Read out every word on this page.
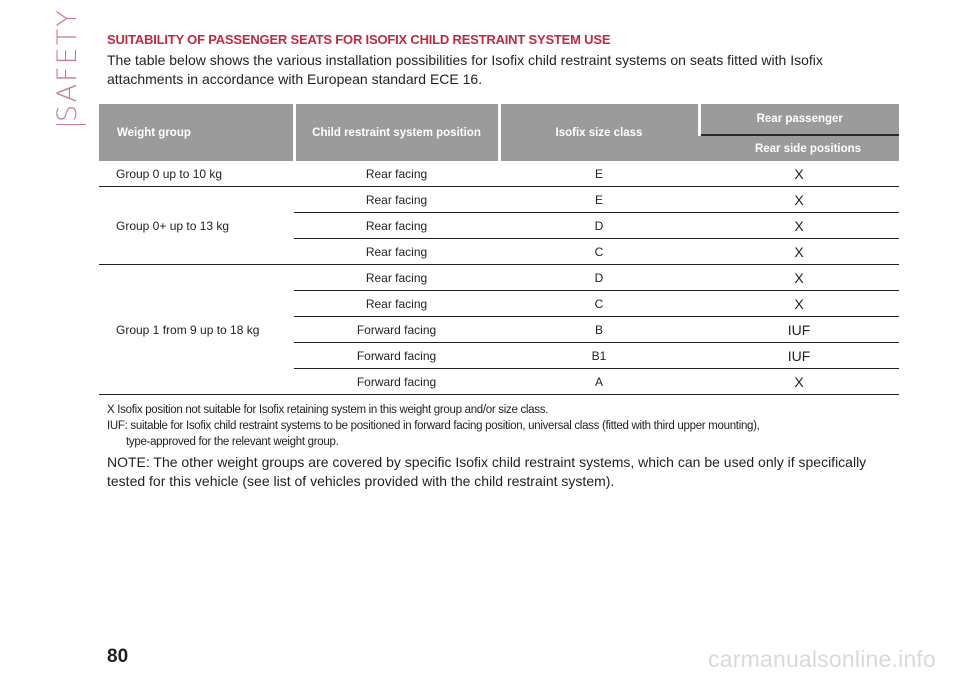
SAFETY	SUITABILITY OF PASSENGER SEATS FOR ISOFIX CHILD RESTRAINT SYSTEM USE
The table below shows the various installation possibilities for Isofix child restraint systems on seats fitted with Isofix attachments in accordance with European standard ECE 16.
Weight group	Child restraint system position	Isofix size class	Rear passenger
			Rear side positions
Group 0 up to 10 kg	Rear facing	E	X
Group 0+ up to 13 kg	Rear facing	E	X
	Rear facing	D	X
	Rear facing	C	X
Group 1 from 9 up to 18 kg	Rear facing	D	X
	Rear facing	C	X
	Forward facing	B	IUF
	Forward facing	B1	IUF
	Forward facing	A	X
X Isofix position not suitable for Isofix retaining system in this weight group and/or size class.
IUF: suitable for Isofix child restraint systems to be positioned in forward facing position, universal class (fitted with third upper mounting),
type-approved for the relevant weight group.
NOTE: The other weight groups are covered by specific Isofix child restraint systems, which can be used only if specifically tested for this vehicle (see list of vehicles provided with the child restraint system).
80	carmanualsonline.info
